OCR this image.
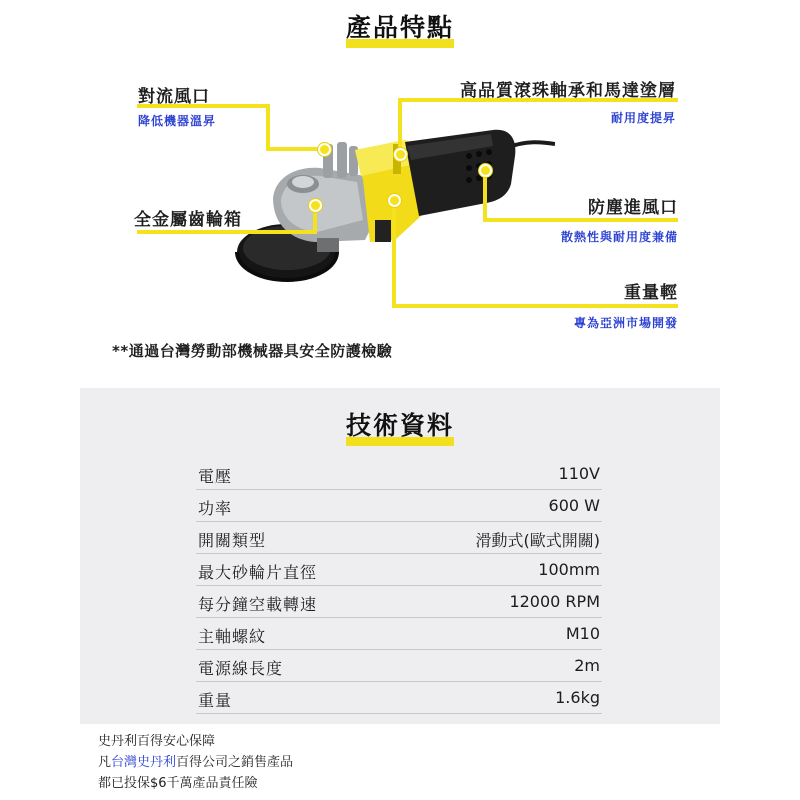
產品特點
對流風口
降低機器溫昇
高品質滾珠軸承和馬達塗層
耐用度提昇
全金屬齒輪箱
防塵進風口
散熱性與耐用度兼備
重量輕
專為亞洲市場開發
**通過台灣勞動部機械器具安全防護檢驗
技術資料
電壓	110V
功率	600 W
開關類型	滑動式(歐式開關)
最大砂輪片直徑	100mm
每分鐘空載轉速	12000 RPM
主軸螺紋	M10
電源線長度	2m
重量	1.6kg
史丹利百得安心保障
凡台灣史丹利百得公司之銷售產品
都已投保$6千萬產品責任險
